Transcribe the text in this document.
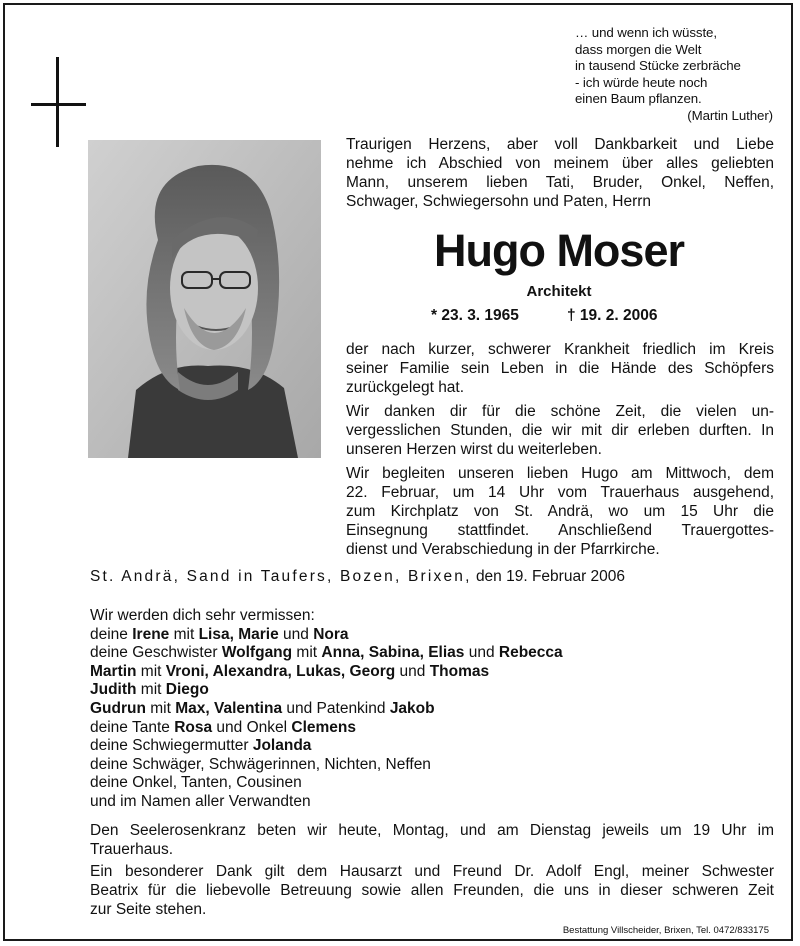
… und wenn ich wüsste,
dass morgen die Welt
in tausend Stücke zerbräche
- ich würde heute noch
einen Baum pflanzen.
(Martin Luther)
Traurigen Herzens, aber voll Dankbarkeit und Liebe
nehme ich Abschied von meinem über alles geliebten
Mann, unserem lieben Tati, Bruder, Onkel, Neffen,
Schwager, Schwiegersohn und Paten, Herrn
Hugo Moser
Architekt
* 23. 3. 1965	† 19. 2. 2006
der nach kurzer, schwerer Krankheit friedlich im Kreis
seiner Familie sein Leben in die Hände des Schöpfers
zurückgelegt hat.
Wir danken dir für die schöne Zeit, die vielen un-
vergesslichen Stunden, die wir mit dir erleben durften. In
unseren Herzen wirst du weiterleben.
Wir begleiten unseren lieben Hugo am Mittwoch, dem
22. Februar, um 14 Uhr vom Trauerhaus ausgehend,
zum Kirchplatz von St. Andrä, wo um 15 Uhr die
Einsegnung stattfindet. Anschließend Trauergottes-
dienst und Verabschiedung in der Pfarrkirche.
St. Andrä, Sand in Taufers, Bozen, Brixen, den 19. Februar 2006
Wir werden dich sehr vermissen:
deine Irene mit Lisa, Marie und Nora
deine Geschwister Wolfgang mit Anna, Sabina, Elias und Rebecca
Martin mit Vroni, Alexandra, Lukas, Georg und Thomas
Judith mit Diego
Gudrun mit Max, Valentina und Patenkind Jakob
deine Tante Rosa und Onkel Clemens
deine Schwiegermutter Jolanda
deine Schwäger, Schwägerinnen, Nichten, Neffen
deine Onkel, Tanten, Cousinen
und im Namen aller Verwandten
Den Seelerosenkranz beten wir heute, Montag, und am Dienstag jeweils um 19 Uhr im
Trauerhaus.
Ein besonderer Dank gilt dem Hausarzt und Freund Dr. Adolf Engl, meiner Schwester
Beatrix für die liebevolle Betreuung sowie allen Freunden, die uns in dieser schweren Zeit
zur Seite stehen.
Bestattung Villscheider, Brixen, Tel. 0472/833175
